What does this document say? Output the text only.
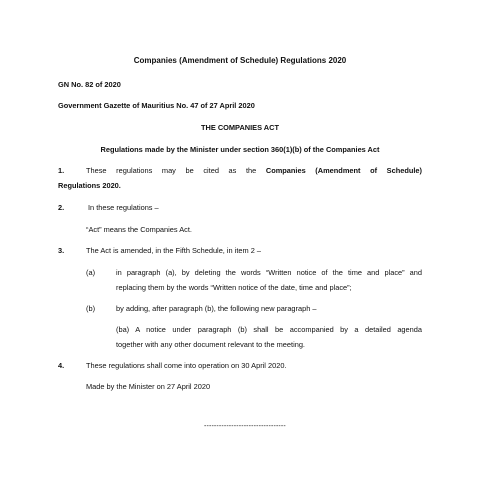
Companies (Amendment of Schedule) Regulations 2020
GN No. 82 of 2020
Government Gazette of Mauritius No. 47 of 27 April 2020
THE COMPANIES ACT
Regulations made by the Minister under section 360(1)(b) of the Companies Act
1.	These regulations may be cited as the Companies (Amendment of Schedule)
Regulations 2020.
2.	In these regulations –
“Act” means the Companies Act.
3.	The Act is amended, in the Fifth Schedule, in item 2 –
(a)	in paragraph (a), by deleting the words “Written notice of the time and place” and
replacing them by the words “Written notice of the date, time and place”;
(b)	by adding, after paragraph (b), the following new paragraph –
(ba) A notice under paragraph (b) shall be accompanied by a detailed agenda
together with any other document relevant to the meeting.
4.	These regulations shall come into operation on 30 April 2020.
Made by the Minister on 27 April 2020
---------------------------------
